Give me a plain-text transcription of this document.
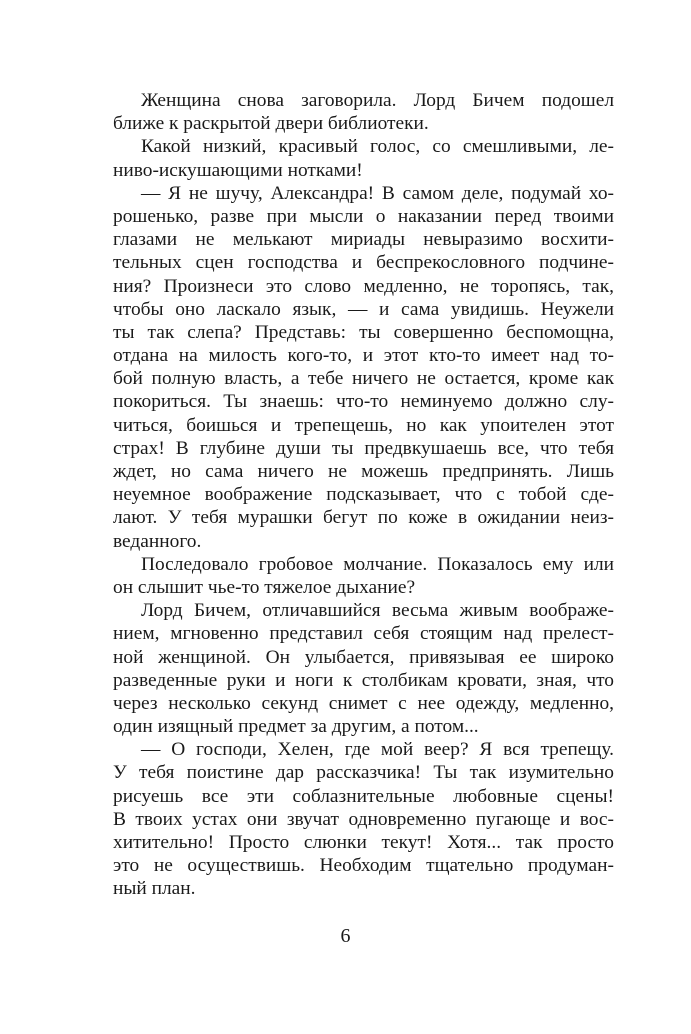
Женщина снова заговорила. Лорд Бичем подошел
ближе к раскрытой двери библиотеки.

Какой низкий, красивый голос, со смешливыми, ле-
ниво-искушающими нотками!

— Я не шучу, Александра! В самом деле, подумай хо-
рошенько, разве при мысли о наказании перед твоими
глазами не мелькают мириады невыразимо восхити-
тельных сцен господства и беспрекословного подчине-
ния? Произнеси это слово медленно, не торопясь, так,
чтобы оно ласкало язык, — и сама увидишь. Неужели
ты так слепа? Представь: ты совершенно беспомощна,
отдана на милость кого-то, и этот кто-то имеет над то-
бой полную власть, а тебе ничего не остается, кроме как
покориться. Ты знаешь: что-то неминуемо должно слу-
читься, боишься и трепещешь, но как упоителен этот
страх! В глубине души ты предвкушаешь все, что тебя
ждет, но сама ничего не можешь предпринять. Лишь
неуемное воображение подсказывает, что с тобой сде-
лают. У тебя мурашки бегут по коже в ожидании неиз-
веданного.

Последовало гробовое молчание. Показалось ему или
он слышит чье-то тяжелое дыхание?

Лорд Бичем, отличавшийся весьма живым воображе-
нием, мгновенно представил себя стоящим над прелест-
ной женщиной. Он улыбается, привязывая ее широко
разведенные руки и ноги к столбикам кровати, зная, что
через несколько секунд снимет с нее одежду, медленно,
один изящный предмет за другим, а потом...

— О господи, Хелен, где мой веер? Я вся трепещу.
У тебя поистине дар рассказчика! Ты так изумительно
рисуешь все эти соблазнительные любовные сцены!
В твоих устах они звучат одновременно пугающе и вос-
хитительно! Просто слюнки текут! Хотя... так просто
это не осуществишь. Необходим тщательно продуман-
ный план.

6
